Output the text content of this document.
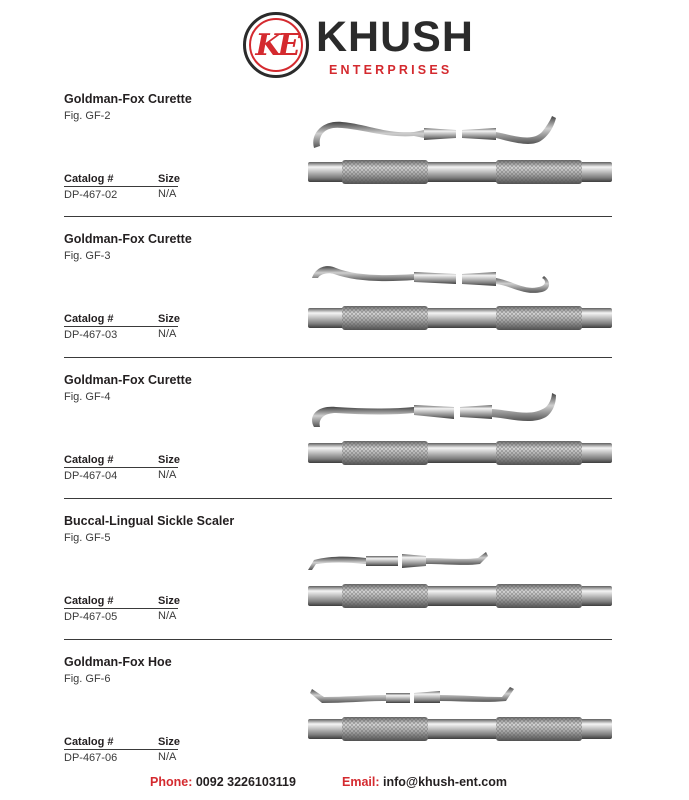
KE KHUSH
ENTERPRISES
Goldman-Fox Curette
Fig. GF-2
Catalog #	Size
DP-467-02	N/A
Goldman-Fox Curette
Fig. GF-3
Catalog #	Size
DP-467-03	N/A
Goldman-Fox Curette
Fig. GF-4
Catalog #	Size
DP-467-04	N/A
Buccal-Lingual Sickle Scaler
Fig. GF-5
Catalog #	Size
DP-467-05	N/A
Goldman-Fox Hoe
Fig. GF-6
Catalog #	Size
DP-467-06	N/A
Phone: 0092 3226103119	Email: info@khush-ent.com
